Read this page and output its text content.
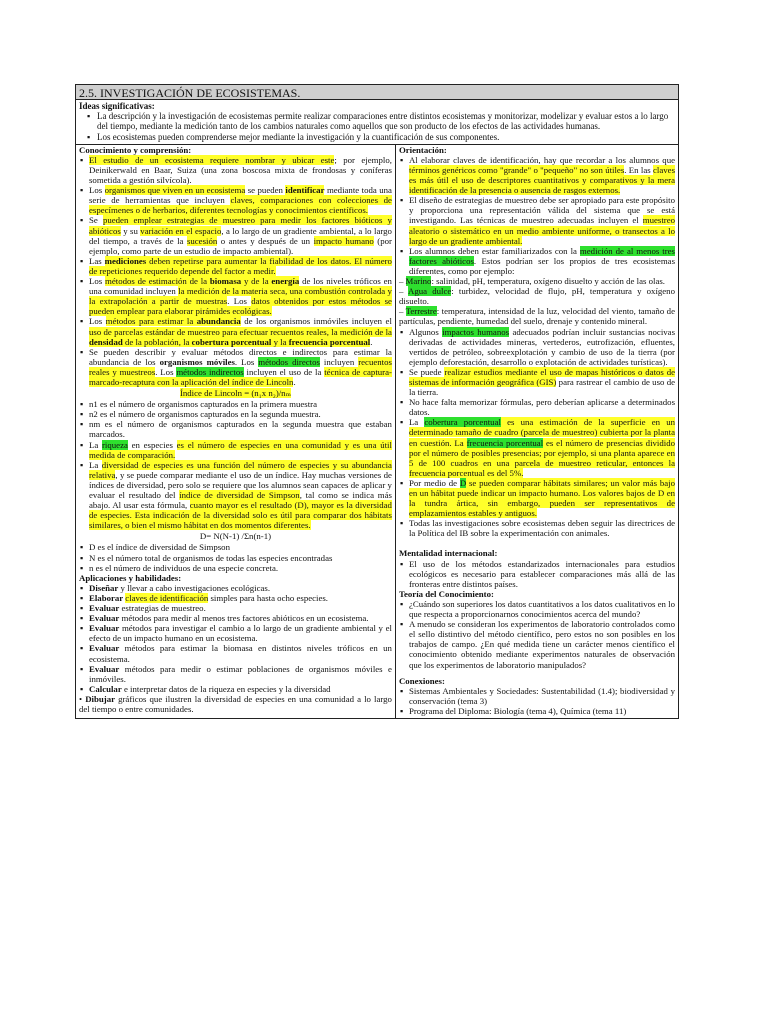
2.5. INVESTIGACIÓN DE ECOSISTEMAS.
Ideas significativas:
▪ La descripción y la investigación de ecosistemas permite realizar comparaciones entre distintos ecosistemas y monitorizar, modelizar y evaluar estos a lo largo del tiempo, mediante la medición tanto de los cambios naturales como aquellos que son producto de los efectos de las actividades humanas.
▪ Los ecosistemas pueden comprenderse mejor mediante la investigación y la cuantificación de sus componentes.
Conocimiento y comprensión:
▪ El estudio de un ecosistema requiere nombrar y ubicar este; por ejemplo, Deinikerwald en Baar, Suiza (una zona boscosa mixta de frondosas y coníferas sometida a gestión silvícola).
▪ Los organismos que viven en un ecosistema se pueden identificar mediante toda una serie de herramientas que incluyen claves, comparaciones con colecciones de especímenes o de herbarios, diferentes tecnologías y conocimientos científicos.
▪ Se pueden emplear estrategias de muestreo para medir los factores bióticos y abióticos y su variación en el espacio, a lo largo de un gradiente ambiental, a lo largo del tiempo, a través de la sucesión o antes y después de un impacto humano (por ejemplo, como parte de un estudio de impacto ambiental).
▪ Las mediciones deben repetirse para aumentar la fiabilidad de los datos. El número de repeticiones requerido depende del factor a medir.
▪ Los métodos de estimación de la biomasa y de la energía de los niveles tróficos en una comunidad incluyen la medición de la materia seca, una combustión controlada y la extrapolación a partir de muestras. Los datos obtenidos por estos métodos se pueden emplear para elaborar pirámides ecológicas.
▪ Los métodos para estimar la abundancia de los organismos inmóviles incluyen el uso de parcelas estándar de muestreo para efectuar recuentos reales, la medición de la densidad de la población, la cobertura porcentual y la frecuencia porcentual.
▪ Se pueden describir y evaluar métodos directos e indirectos para estimar la abundancia de los organismos móviles. Los métodos directos incluyen recuentos reales y muestreos. Los métodos indirectos incluyen el uso de la técnica de captura- marcado-recaptura con la aplicación del índice de Lincoln.
Índice de Lincoln = (n₁x n₂)/nₘ
▪ n1 es el número de organismos capturados en la primera muestra
▪ n2 es el número de organismos capturados en la segunda muestra.
▪ nm es el número de organismos capturados en la segunda muestra que estaban marcados.
▪ La riqueza en especies es el número de especies en una comunidad y es una útil medida de comparación.
▪ La diversidad de especies es una función del número de especies y su abundancia relativa, y se puede comparar mediante el uso de un índice. Hay muchas versiones de índices de diversidad, pero solo se requiere que los alumnos sean capaces de aplicar y evaluar el resultado del índice de diversidad de Simpson, tal como se indica más abajo. Al usar esta fórmula, cuanto mayor es el resultado (D), mayor es la diversidad de especies. Esta indicación de la diversidad solo es útil para comparar dos hábitats similares, o bien el mismo hábitat en dos momentos diferentes.
D= N(N-1) /Σn(n-1)
▪ D es el índice de diversidad de Simpson
▪ N es el número total de organismos de todas las especies encontradas
▪ n es el número de individuos de una especie concreta.
Aplicaciones y habilidades:
▪ Diseñar y llevar a cabo investigaciones ecológicas.
▪ Elaborar claves de identificación simples para hasta ocho especies.
▪ Evaluar estrategias de muestreo.
▪ Evaluar métodos para medir al menos tres factores abióticos en un ecosistema.
▪ Evaluar métodos para investigar el cambio a lo largo de un gradiente ambiental y el efecto de un impacto humano en un ecosistema.
▪ Evaluar métodos para estimar la biomasa en distintos niveles tróficos en un ecosistema.
▪ Evaluar métodos para medir o estimar poblaciones de organismos móviles e inmóviles.
▪ Calcular e interpretar datos de la riqueza en especies y la diversidad
• Dibujar gráficos que ilustren la diversidad de especies en una comunidad a lo largo del tiempo o entre comunidades.
Orientación:
▪ Al elaborar claves de identificación, hay que recordar a los alumnos que términos genéricos como "grande" o "pequeño" no son útiles. En las claves es más útil el uso de descriptores cuantitativos y comparativos y la mera identificación de la presencia o ausencia de rasgos externos.
▪ El diseño de estrategias de muestreo debe ser apropiado para este propósito y proporciona una representación válida del sistema que se está investigando. Las técnicas de muestreo adecuadas incluyen el muestreo aleatorio o sistemático en un medio ambiente uniforme, o transectos a lo largo de un gradiente ambiental.
▪ Los alumnos deben estar familiarizados con la medición de al menos tres factores abióticos. Estos podrían ser los propios de tres ecosistemas diferentes, como por ejemplo:
– Marino: salinidad, pH, temperatura, oxígeno disuelto y acción de las olas.
– Agua dulce: turbidez, velocidad de flujo, pH, temperatura y oxígeno disuelto.
– Terrestre: temperatura, intensidad de la luz, velocidad del viento, tamaño de partículas, pendiente, humedad del suelo, drenaje y contenido mineral.
▪ Algunos impactos humanos adecuados podrían incluir sustancias nocivas derivadas de actividades mineras, vertederos, eutrofización, efluentes, vertidos de petróleo, sobreexplotación y cambio de uso de la tierra (por ejemplo deforestación, desarrollo o explotación de actividades turísticas).
▪ Se puede realizar estudios mediante el uso de mapas históricos o datos de sistemas de información geográfica (GIS) para rastrear el cambio de uso de la tierra.
▪ No hace falta memorizar fórmulas, pero deberían aplicarse a determinados datos.
▪ La cobertura porcentual es una estimación de la superficie en un determinado tamaño de cuadro (parcela de muestreo) cubierta por la planta en cuestión. La frecuencia porcentual es el número de presencias dividido por el número de posibles presencias; por ejemplo, si una planta aparece en 5 de 100 cuadros en una parcela de muestreo reticular, entonces la frecuencia porcentual es del 5%.
▪ Por medio de D se pueden comparar hábitats similares; un valor más bajo en un hábitat puede indicar un impacto humano. Los valores bajos de D en la tundra ártica, sin embargo, pueden ser representativos de emplazamientos estables y antiguos.
▪ Todas las investigaciones sobre ecosistemas deben seguir las directrices de la Política del IB sobre la experimentación con animales.
Mentalidad internacional:
▪ El uso de los métodos estandarizados internacionales para estudios ecológicos es necesario para establecer comparaciones más allá de las fronteras entre distintos países.
Teoría del Conocimiento:
▪ ¿Cuándo son superiores los datos cuantitativos a los datos cualitativos en lo que respecta a proporcionarnos conocimientos acerca del mundo?
▪ A menudo se consideran los experimentos de laboratorio controlados como el sello distintivo del método científico, pero estos no son posibles en los trabajos de campo. ¿En qué medida tiene un carácter menos científico el conocimiento obtenido mediante experimentos naturales de observación que los experimentos de laboratorio manipulados?
Conexiones:
▪ Sistemas Ambientales y Sociedades: Sustentabilidad (1.4); biodiversidad y conservación (tema 3)
▪ Programa del Diploma: Biología (tema 4), Química (tema 11)
